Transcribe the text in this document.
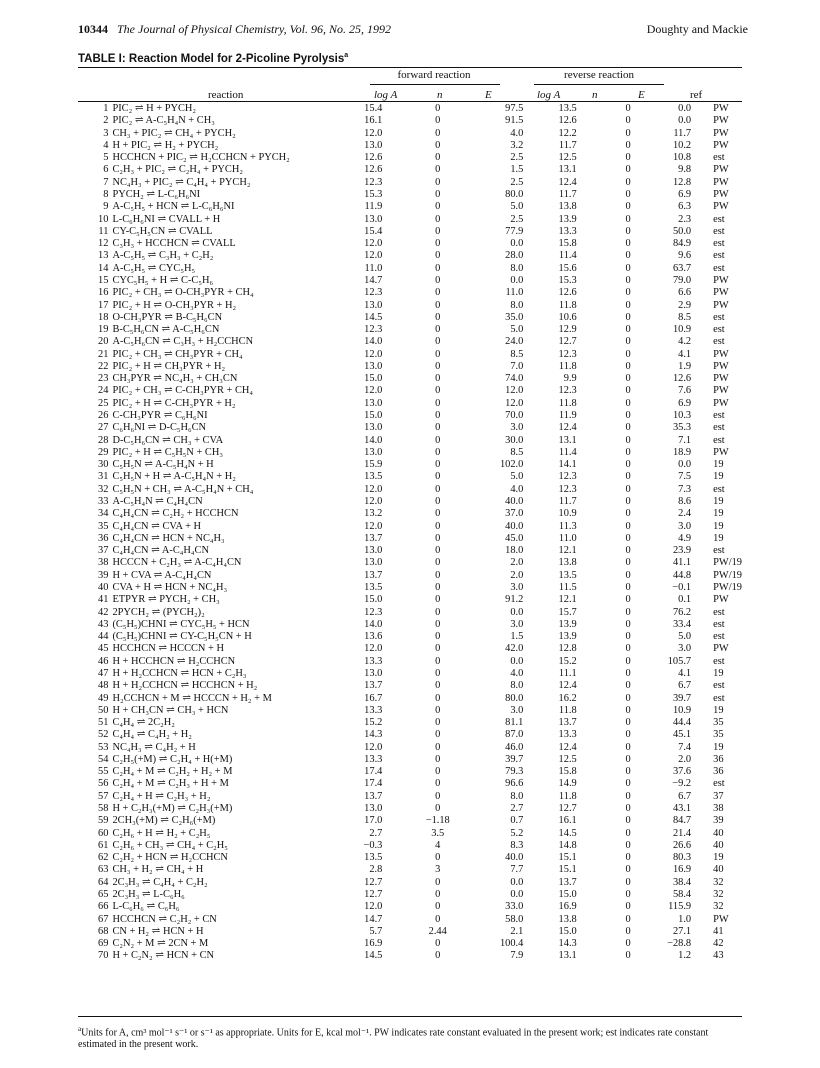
10344 The Journal of Physical Chemistry, Vol. 96, No. 25, 1992	Doughty and Mackie
TABLE I: Reaction Model for 2-Picoline Pyrolysis$^a$
forward reaction	reverse reaction
reaction	log A	n	E	log A	n	E	ref
1	PIC₂ ⇌ H + PYCH₂	15.4	0	97.5	13.5	0	0.0	PW
2	PIC₂ ⇌ A-C₅H₄N + CH₃	16.1	0	91.5	12.6	0	0.0	PW
3	CH₃ + PIC₂ ⇌ CH₄ + PYCH₂	12.0	0	4.0	12.2	0	11.7	PW
4	H + PIC₂ ⇌ H₂ + PYCH₂	13.0	0	3.2	11.7	0	10.2	PW
5	HCCHCN + PIC₂ ⇌ H₂CCHCN + PYCH₂	12.6	0	2.5	12.5	0	10.8	est
6	C₂H₃ + PIC₂ ⇌ C₂H₄ + PYCH₂	12.6	0	1.5	13.1	0	9.8	PW
7	NC₄H₃ + PIC₂ ⇌ C₄H₄ + PYCH₂	12.3	0	2.5	12.4	0	12.8	PW
8	PYCH₂ ⇌ L-C₆H₆NI	15.3	0	80.0	11.7	0	6.9	PW
9	A-C₅H₅ + HCN ⇌ L-C₆H₆NI	11.9	0	5.0	13.8	0	6.3	PW
10	L-C₆H₆NI ⇌ CVALL + H	13.0	0	2.5	13.9	0	2.3	est
11	CY-C₅H₅CN ⇌ CVALL	15.4	0	77.9	13.3	0	50.0	est
12	C₃H₃ + HCCHCN ⇌ CVALL	12.0	0	0.0	15.8	0	84.9	est
13	A-C₅H₅ ⇌ C₃H₃ + C₂H₂	12.0	0	28.0	11.4	0	9.6	est
14	A-C₅H₅ ⇌ CYC₅H₅	11.0	0	8.0	15.6	0	63.7	est
15	CYC₅H₅ + H ⇌ C-C₅H₆	14.7	0	0.0	15.3	0	79.0	PW
16	PIC₂ + CH₃ ⇌ O-CH₃PYR + CH₄	12.3	0	11.0	12.6	0	6.6	PW
17	PIC₂ + H ⇌ O-CH₃PYR + H₂	13.0	0	8.0	11.8	0	2.9	PW
18	O-CH₃PYR ⇌ B-C₅H₆CN	14.5	0	35.0	10.6	0	8.5	est
19	B-C₅H₆CN ⇌ A-C₅H₆CN	12.3	0	5.0	12.9	0	10.9	est
20	A-C₅H₆CN ⇌ C₃H₃ + H₂CCHCN	14.0	0	24.0	12.7	0	4.2	est
21	PIC₂ + CH₃ ⇌ CH₃PYR + CH₄	12.0	0	8.5	12.3	0	4.1	PW
22	PIC₂ + H ⇌ CH₃PYR + H₂	13.0	0	7.0	11.8	0	1.9	PW
23	CH₃PYR ⇌ NC₄H₃ + CH₃CN	15.0	0	74.0	9.9	0	12.6	PW
24	PIC₂ + CH₃ ⇌ C-CH₃PYR + CH₄	12.0	0	12.0	12.3	0	7.6	PW
25	PIC₂ + H ⇌ C-CH₃PYR + H₂	13.0	0	12.0	11.8	0	6.9	PW
26	C-CH₃PYR ⇌ C₆H₆NI	15.0	0	70.0	11.9	0	10.3	est
27	C₆H₆NI ⇌ D-C₅H₆CN	13.0	0	3.0	12.4	0	35.3	est
28	D-C₅H₆CN ⇌ CH₃ + CVA	14.0	0	30.0	13.1	0	7.1	est
29	PIC₂ + H ⇌ C₅H₅N + CH₃	13.0	0	8.5	11.4	0	18.9	PW
30	C₅H₅N ⇌ A-C₅H₄N + H	15.9	0	102.0	14.1	0	0.0	19
31	C₅H₅N + H ⇌ A-C₅H₄N + H₂	13.5	0	5.0	12.3	0	7.5	19
32	C₅H₅N + CH₃ ⇌ A-C₅H₄N + CH₄	12.0	0	4.0	12.3	0	7.3	est
33	A-C₅H₄N ⇌ C₄H₄CN	12.0	0	40.0	11.7	0	8.6	19
34	C₄H₄CN ⇌ C₂H₂ + HCCHCN	13.2	0	37.0	10.9	0	2.4	19
35	C₄H₄CN ⇌ CVA + H	12.0	0	40.0	11.3	0	3.0	19
36	C₄H₄CN ⇌ HCN + NC₄H₃	13.7	0	45.0	11.0	0	4.9	19
37	C₄H₄CN ⇌ A-C₄H₄CN	13.0	0	18.0	12.1	0	23.9	est
38	HCCCN + C₂H₃ ⇌ A-C₄H₄CN	13.0	0	2.0	13.8	0	41.1	PW/19
39	H + CVA ⇌ A-C₄H₄CN	13.7	0	2.0	13.5	0	44.8	PW/19
40	CVA + H ⇌ HCN + NC₄H₃	13.5	0	3.0	11.5	0	−0.1	PW/19
41	ETPYR ⇌ PYCH₂ + CH₃	15.0	0	91.2	12.1	0	0.1	PW
42	2PYCH₂ ⇌ (PYCH₂)₂	12.3	0	0.0	15.7	0	76.2	est
43	(C₅H₅)CHNI ⇌ CYC₅H₅ + HCN	14.0	0	3.0	13.9	0	33.4	est
44	(C₅H₅)CHNI ⇌ CY-C₅H₅CN + H	13.6	0	1.5	13.9	0	5.0	est
45	HCCHCN ⇌ HCCCN + H	12.0	0	42.0	12.8	0	3.0	PW
46	H + HCCHCN ⇌ H₂CCHCN	13.3	0	0.0	15.2	0	105.7	est
47	H + H₂CCHCN ⇌ HCN + C₂H₃	13.0	0	4.0	11.1	0	4.1	19
48	H + H₂CCHCN ⇌ HCCHCN + H₂	13.7	0	8.0	12.4	0	6.7	est
49	H₂CCHCN + M ⇌ HCCCN + H₂ + M	16.7	0	80.0	16.2	0	39.7	est
50	H + CH₃CN ⇌ CH₃ + HCN	13.3	0	3.0	11.8	0	10.9	19
51	C₄H₄ ⇌ 2C₂H₂	15.2	0	81.1	13.7	0	44.4	35
52	C₄H₄ ⇌ C₄H₂ + H₂	14.3	0	87.0	13.3	0	45.1	35
53	NC₄H₃ ⇌ C₄H₂ + H	12.0	0	46.0	12.4	0	7.4	19
54	C₂H₅(+M) ⇌ C₂H₄ + H(+M)	13.3	0	39.7	12.5	0	2.0	36
55	C₂H₄ + M ⇌ C₂H₂ + H₂ + M	17.4	0	79.3	15.8	0	37.6	36
56	C₂H₄ + M ⇌ C₂H₃ + H + M	17.4	0	96.6	14.9	0	−9.2	est
57	C₂H₄ + H ⇌ C₂H₃ + H₂	13.7	0	8.0	11.8	0	6.7	37
58	H + C₂H₃(+M) ⇌ C₂H₃(+M)	13.0	0	2.7	12.7	0	43.1	38
59	2CH₃(+M) ⇌ C₂H₆(+M)	17.0	−1.18	0.7	16.1	0	84.7	39
60	C₂H₆ + H ⇌ H₂ + C₂H₅	2.7	3.5	5.2	14.5	0	21.4	40
61	C₂H₆ + CH₃ ⇌ CH₄ + C₂H₅	−0.3	4	8.3	14.8	0	26.6	40
62	C₂H₂ + HCN ⇌ H₂CCHCN	13.5	0	40.0	15.1	0	80.3	19
63	CH₃ + H₂ ⇌ CH₄ + H	2.8	3	7.7	15.1	0	16.9	40
64	2C₃H₃ ⇌ C₄H₄ + C₂H₂	12.7	0	0.0	13.7	0	38.4	32
65	2C₃H₃ ⇌ L-C₆H₆	12.7	0	0.0	15.0	0	58.4	32
66	L-C₆H₆ ⇌ C₆H₆	12.0	0	33.0	16.9	0	115.9	32
67	HCCHCN ⇌ C₂H₂ + CN	14.7	0	58.0	13.8	0	1.0	PW
68	CN + H₂ ⇌ HCN + H	5.7	2.44	2.1	15.0	0	27.1	41
69	C₂N₂ + M ⇌ 2CN + M	16.9	0	100.4	14.3	0	−28.8	42
70	H + C₂N₂ ⇌ HCN + CN	14.5	0	7.9	13.1	0	1.2	43
$^a$Units for A, cm³ mol⁻¹ s⁻¹ or s⁻¹ as appropriate. Units for E, kcal mol⁻¹. PW indicates rate constant evaluated in the present work; est indicates rate constant estimated in the present work.
